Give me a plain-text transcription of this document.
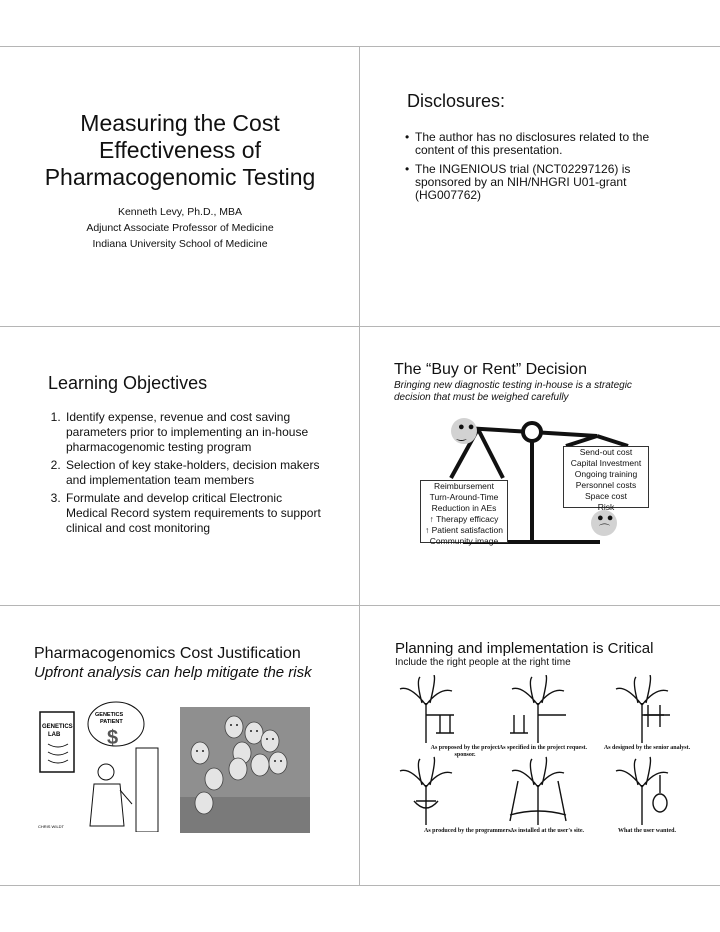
Measuring the Cost
Effectiveness of
Pharmacogenomic Testing
Kenneth Levy, Ph.D., MBA
Adjunct Associate Professor of Medicine
Indiana University School of Medicine
Disclosures:
• The author has no disclosures related to the
content of this presentation.
• The INGENIOUS trial (NCT02297126) is
sponsored by an NIH/NHGRI U01-grant
(HG007762)
Learning Objectives
1. Identify expense, revenue and cost saving
parameters prior to implementing an in-house
pharmacogenomic testing program
2. Selection of key stake-holders, decision makers
and implementation team members
3. Formulate and develop critical Electronic
Medical Record system requirements to support
clinical and cost monitoring
The “Buy or Rent” Decision
Bringing new diagnostic testing in-house is a strategic
decision that must be weighed carefully
● ●
‿
● ●
⌒
Reimbursement
Turn-Around-Time
Reduction in AEs
↑ Therapy efficacy
↑ Patient satisfaction
Community image
Send-out cost
Capital Investment
Ongoing training
Personnel costs
Space cost
Risk
Pharmacogenomics Cost Justification
Upfront analysis can help mitigate the risk
GENETICS
LAB
GENETICS
PATIENT
$
CHRIS WILDT
Planning and implementation is Critical
Include the right people at the right time
As proposed by the project
sponsor.
As specified in the project request.	As designed by the senior analyst.
As produced by the programmers.
As installed at the user's site.	What the user wanted.
